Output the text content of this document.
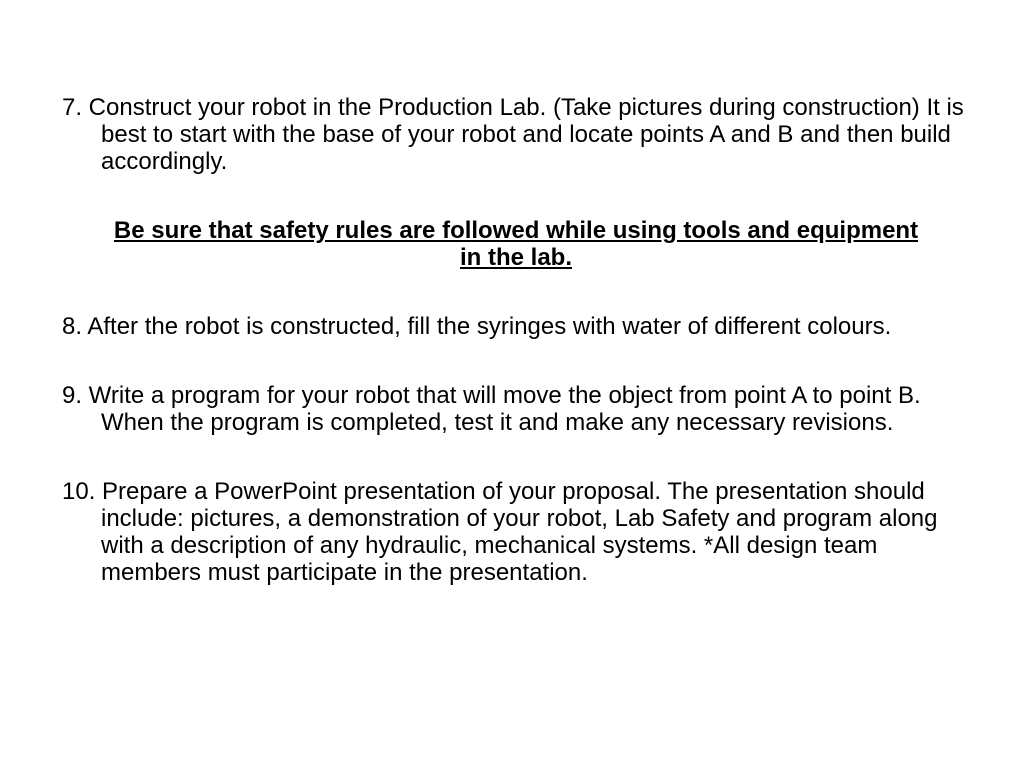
7. Construct your robot in the Production Lab. (Take pictures during construction) It is best to start with the base of your robot and locate points A and B and then build accordingly.

Be sure that safety rules are followed while using tools and equipment in the lab.

8. After the robot is constructed, fill the syringes with water of different colours.

9. Write a program for your robot that will move the object from point A to point B. When the program is completed, test it and make any necessary revisions.

10. Prepare a PowerPoint presentation of your proposal. The presentation should include: pictures, a demonstration of your robot, Lab Safety and program along with a description of any hydraulic, mechanical systems. *All design team members must participate in the presentation.
